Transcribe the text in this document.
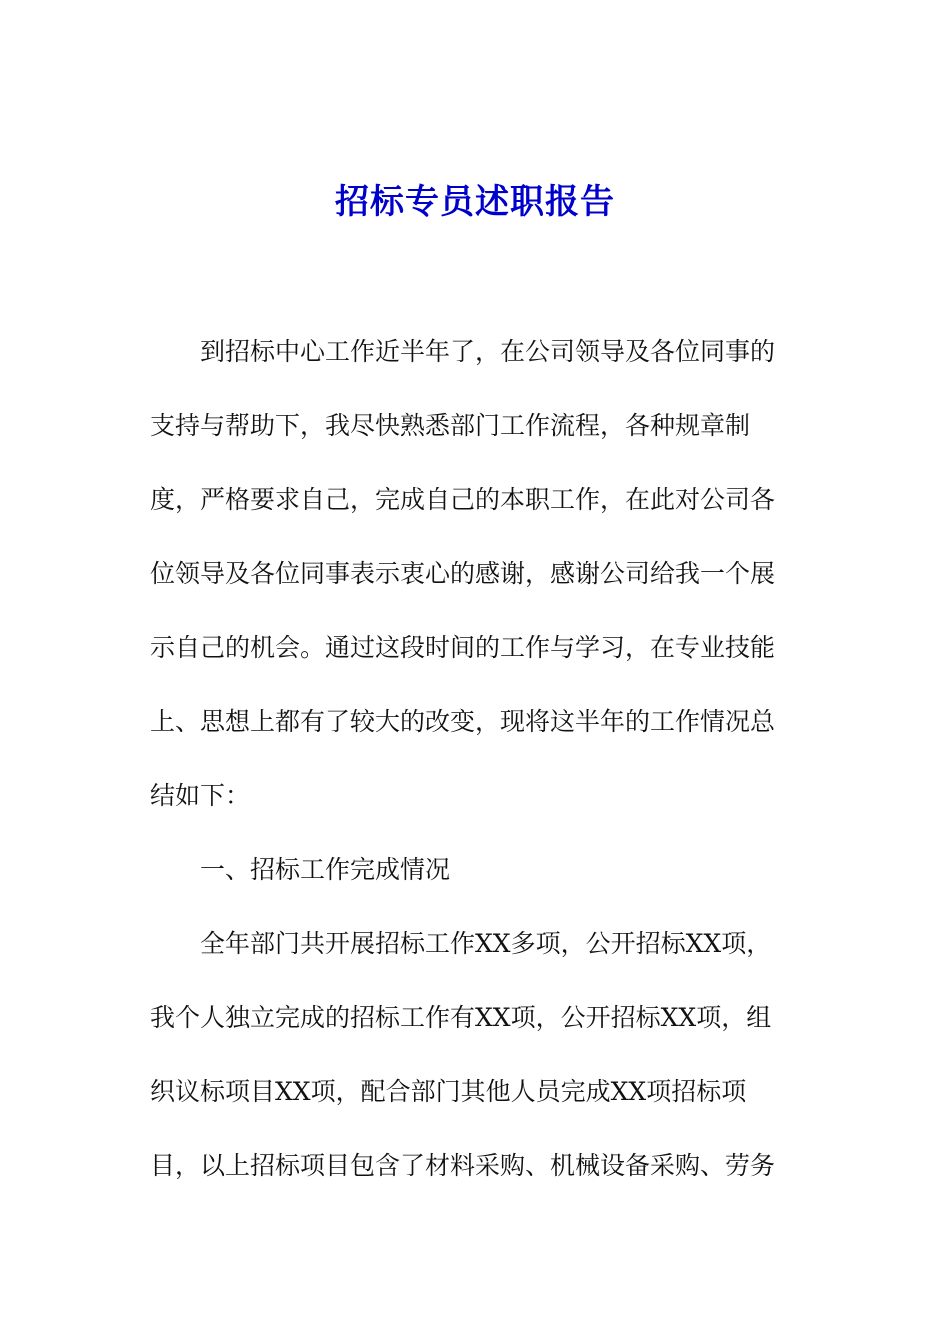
招标专员述职报告
　　到招标中心工作近半年了，在公司领导及各位同事的
支持与帮助下，我尽快熟悉部门工作流程，各种规章制
度，严格要求自己，完成自己的本职工作，在此对公司各
位领导及各位同事表示衷心的感谢，感谢公司给我一个展
示自己的机会。通过这段时间的工作与学习，在专业技能
上、思想上都有了较大的改变，现将这半年的工作情况总
结如下：
　　一、招标工作完成情况
　　全年部门共开展招标工作XX多项，公开招标XX项，
我个人独立完成的招标工作有XX项，公开招标XX项，组
织议标项目XX项，配合部门其他人员完成XX项招标项
目，以上招标项目包含了材料采购、机械设备采购、劳务
